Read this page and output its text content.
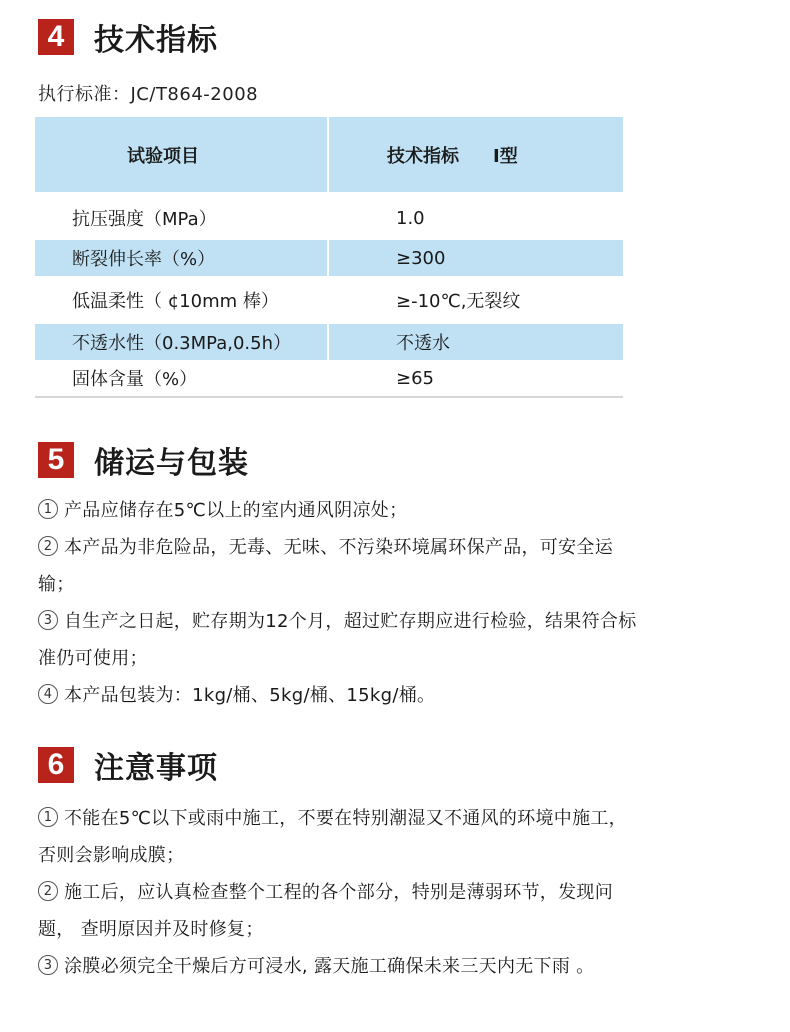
4 技术指标
执行标准：JC/T864-2008
试验项目	技术指标 I型
抗压强度（MPa）	1.0
断裂伸长率（%）	≥300
低温柔性（ ¢10mm 棒）	≥-10℃,无裂纹
不透水性（0.3MPa,0.5h）	不透水
固体含量（%）	≥65
5 储运与包装

1 产品应储存在5℃以上的室内通风阴凉处；

2 本产品为非危险品，无毒、无味、不污染环境属环保产品，可安全运输；

3 自生产之日起，贮存期为12个月，超过贮存期应进行检验，结果符合标准仍可使用；

4 本产品包装为：1kg/桶、5kg/桶、15kg/桶。

6 注意事项

1 不能在5℃以下或雨中施工，不要在特别潮湿又不通风的环境中施工，否则会影响成膜；

2 施工后，应认真检查整个工程的各个部分，特别是薄弱环节，发现问题， 查明原因并及时修复；

3 涂膜必须完全干燥后方可浸水, 露天施工确保未来三天内无下雨 。
